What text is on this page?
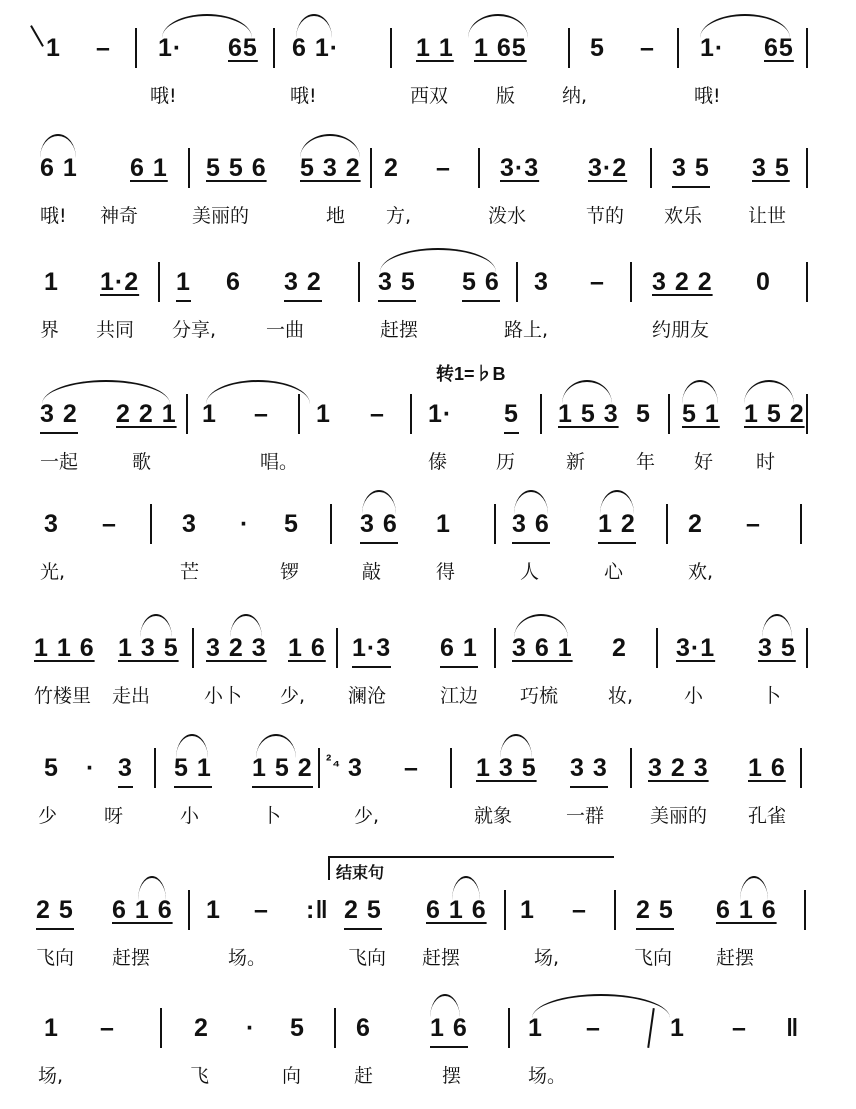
1 – 1· 65 6 1·	1 1 1 65	5 – 1· 65
哦!	哦!	西双	版 纳,	哦!
6 1 6 1 5 5 6 5 3 2 2 – 3·3 3·2 3 5 3 5
哦! 神奇	美丽的	地 方,	泼水	节的 欢乐 让世
1 1·2 1 6 3 2 3 5 5 6 3 – 3 2 2 0
界 共同 分享,	一曲	赶摆	路上,	约朋友
转1=♭B
3 2 2 2 1 1 – 1 – 1· 5 1 5 3 5 5 1 1 5 2
一起	歌	唱。	傣	历	新	年 好 时
3 –	3 · 5 3 6 1 3 6 1 2 2 –
光,	芒	锣	敲	得	人	心	欢,
1 1 6 1 3 5 3 2 3 1 6 1·3 6 1 3 6 1 2 3·1 3 5
竹楼里 走出	小卜 少, 澜沧	江边 巧梳	妆,	小	卜
5 · 3 5 1 1 5 2 ²₄ 3 – 1 3 5 3 3 3 2 3 1 6
少 呀	小	卜	少,	就象	一群 美丽的 孔雀
结束句
2 5 6 1 6 1 – :‖ 2 5 6 1 6 1 – 2 5 6 1 6
飞向 赶摆	场。	飞向 赶摆	场,	飞向 赶摆
1 –	2 · 5 6 1 6 1 –	1 – ‖
场,	飞	向	赶	摆	场。
